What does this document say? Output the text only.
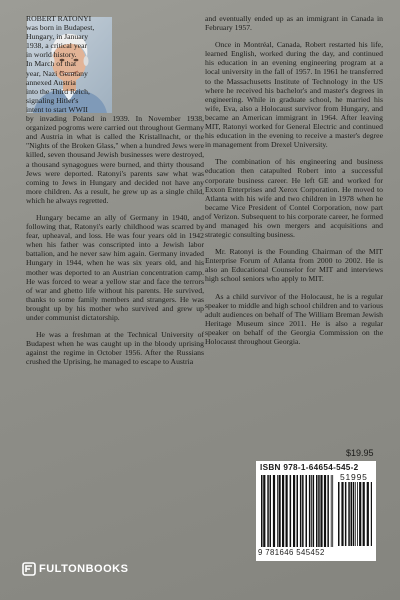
ROBERT RATONYI

was born in Budapest,

Hungary, in January

1938, a critical year

in world history.

In March of that

year, Nazi Germany

annexed Austria

into the Third Reich,

signaling Hitler's

intent to start WWII

by invading Poland in 1939. In November 1938, organized pogroms were carried out throughout Germany and Austria in what is called the Kristallnacht, or the "Nights of the Broken Glass," when a hundred Jews were killed, seven thousand Jewish businesses were destroyed, a thousand synagogues were burned, and thirty thousand Jews were deported. Ratonyi's parents saw what was coming to Jews in Hungary and decided not have any more children. As a result, he grew up as a single child, which he always regretted.

Hungary became an ally of Germany in 1940, and following that, Ratonyi's early childhood was scarred by fear, upheaval, and loss. He was four years old in 1942 when his father was conscripted into a Jewish labor battalion, and he never saw him again. Germany invaded Hungary in 1944, when he was six years old, and his mother was deported to an Austrian concentration camp. He was forced to wear a yellow star and face the terrors of war and ghetto life without his parents. He survived, thanks to some family members and strangers. He was brought up by his mother who survived and grew up under communist dictatorship.

He was a freshman at the Technical University of Budapest when he was caught up in the bloody uprising against the regime in October 1956. After the Russians crushed the Uprising, he managed to escape to Austria

and eventually ended up as an immigrant in Canada in February 1957.

Once in Montréal, Canada, Robert restarted his life, learned English, worked during the day, and continued his education in an evening engineering program at a local university in the fall of 1957. In 1961 he transferred to the Massachusetts Institute of Technology in the US where he received his bachelor's and master's degrees in engineering. While in graduate school, he married his wife, Eva, also a Holocaust survivor from Hungary, and became an American immigrant in 1964. After leaving MIT, Ratonyi worked for General Electric and continued his education in the evening to receive a master's degree in management from Drexel University.

The combination of his engineering and business education then catapulted Robert into a successful corporate business career. He left GE and worked for Exxon Enterprises and Xerox Corporation. He moved to Atlanta with his wife and two children in 1978 when he became Vice President of Contel Corporation, now part of Verizon. Subsequent to his corporate career, he formed and managed his own mergers and acquisitions and strategic consulting business.

Mr. Ratonyi is the Founding Chairman of the MIT Enterprise Forum of Atlanta from 2000 to 2002. He is also an Educational Counselor for MIT and interviews high school seniors who apply to MIT.

As a child survivor of the Holocaust, he is a regular speaker to middle and high school children and to various adult audiences on behalf of The William Breman Jewish Heritage Museum since 2011. He is also a regular speaker on behalf of the Georgia Commission on the Holocaust throughout Georgia.

$19.95
ISBN 978-1-64654-545-2
51995
9 781646 545452
FULTONBOOKS
